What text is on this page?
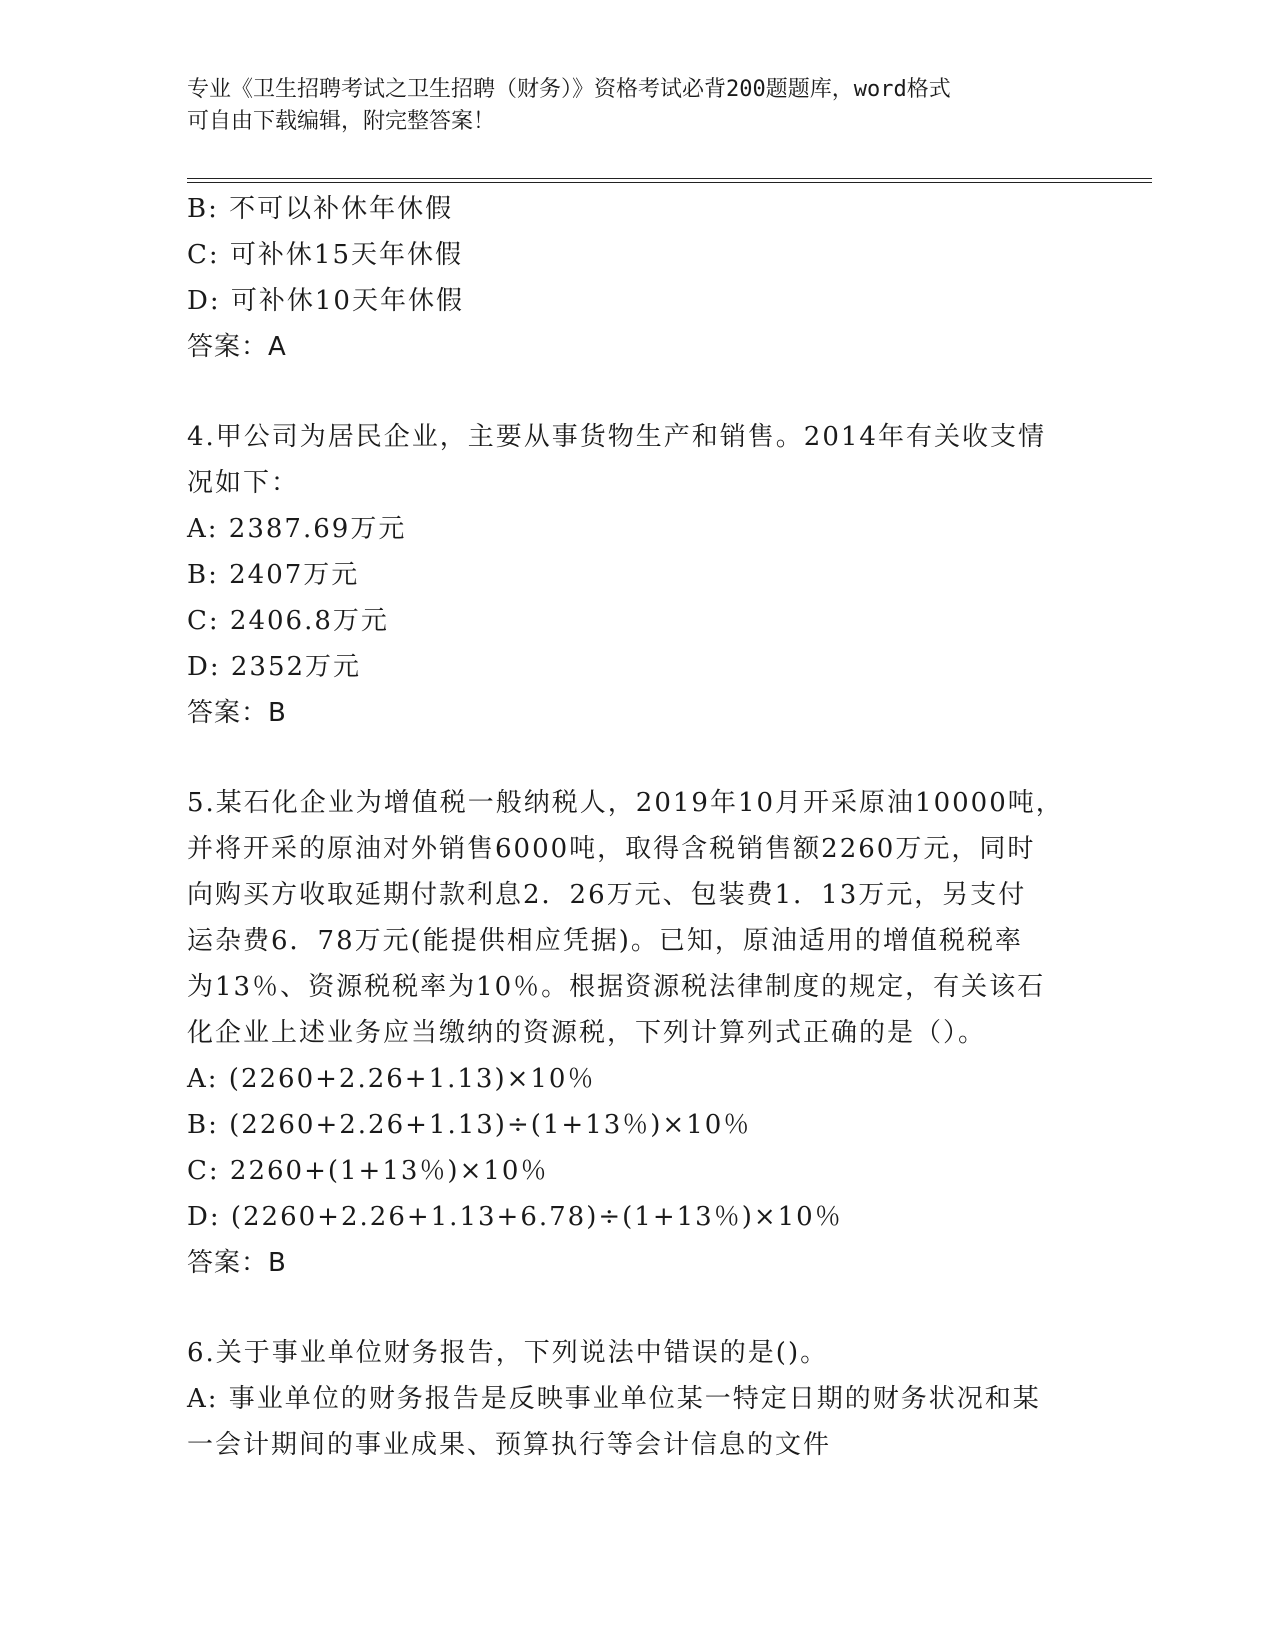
专业《卫生招聘考试之卫生招聘（财务）》资格考试必背200题题库，word格式
可自由下载编辑，附完整答案！
B: 不可以补休年休假
C: 可补休15天年休假
D: 可补休10天年休假
答案：A
4.甲公司为居民企业，主要从事货物生产和销售。2014年有关收支情
况如下：
A: 2387.69万元
B: 2407万元
C: 2406.8万元
D: 2352万元
答案：B
5.某石化企业为增值税一般纳税人，2019年10月开采原油10000吨，
并将开采的原油对外销售6000吨，取得含税销售额2260万元，同时
向购买方收取延期付款利息2．26万元、包装费1．13万元，另支付
运杂费6．78万元(能提供相应凭据)。已知，原油适用的增值税税率
为13％、资源税税率为10％。根据资源税法律制度的规定，有关该石
化企业上述业务应当缴纳的资源税，下列计算列式正确的是（）。
A: (2260+2.26+1.13)×10％
B: (2260+2.26+1.13)÷(1+13％)×10％
C: 2260+(1+13％)×10％
D: (2260+2.26+1.13+6.78)÷(1+13％)×10％
答案：B
6.关于事业单位财务报告，下列说法中错误的是()。
A: 事业单位的财务报告是反映事业单位某一特定日期的财务状况和某
一会计期间的事业成果、预算执行等会计信息的文件
